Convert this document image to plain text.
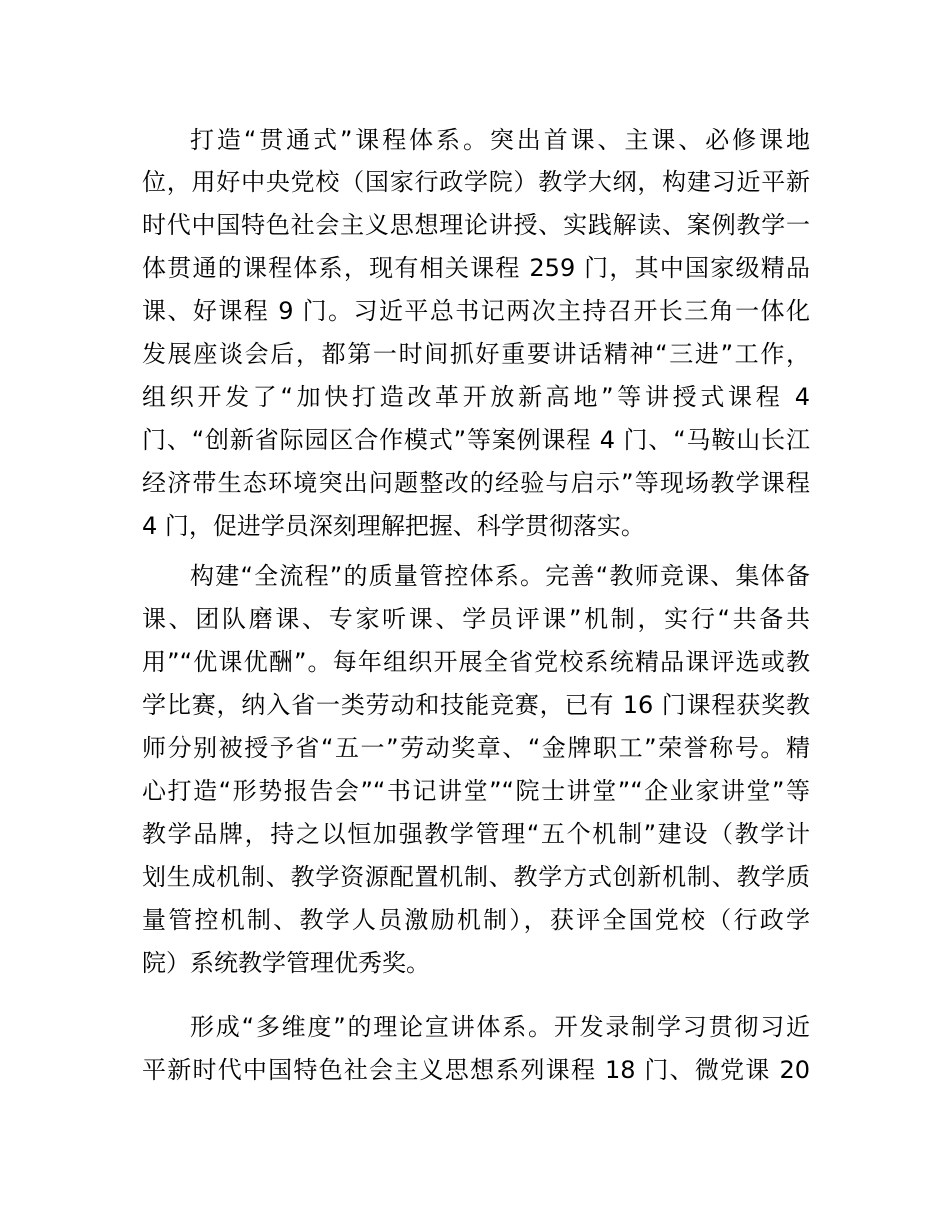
打造“贯通式”课程体系。突出首课、主课、必修课地
位，用好中央党校（国家行政学院）教学大纲，构建习近平新
时代中国特色社会主义思想理论讲授、实践解读、案例教学一
体贯通的课程体系，现有相关课程 259 门，其中国家级精品
课、好课程 9 门。习近平总书记两次主持召开长三角一体化
发展座谈会后，都第一时间抓好重要讲话精神“三进”工作，
组织开发了“加快打造改革开放新高地”等讲授式课程 4
门、“创新省际园区合作模式”等案例课程 4 门、“马鞍山长江
经济带生态环境突出问题整改的经验与启示”等现场教学课程
4 门，促进学员深刻理解把握、科学贯彻落实。
构建“全流程”的质量管控体系。完善“教师竞课、集体备
课、团队磨课、专家听课、学员评课”机制，实行“共备共
用”“优课优酬”。每年组织开展全省党校系统精品课评选或教
学比赛，纳入省一类劳动和技能竞赛，已有 16 门课程获奖教
师分别被授予省“五一”劳动奖章、“金牌职工”荣誉称号。精
心打造“形势报告会”“书记讲堂”“院士讲堂”“企业家讲堂”等
教学品牌，持之以恒加强教学管理“五个机制”建设（教学计
划生成机制、教学资源配置机制、教学方式创新机制、教学质
量管控机制、教学人员激励机制），获评全国党校（行政学
院）系统教学管理优秀奖。
形成“多维度”的理论宣讲体系。开发录制学习贯彻习近
平新时代中国特色社会主义思想系列课程 18 门、微党课 20
